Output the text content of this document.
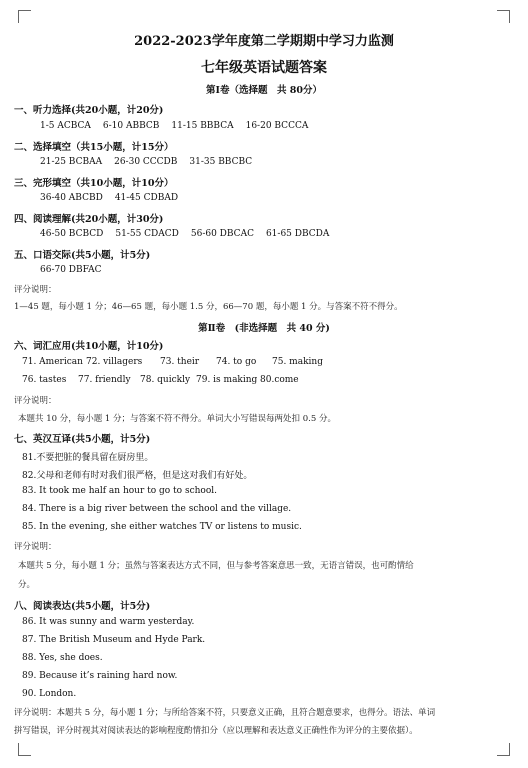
2022-2023学年度第二学期期中学习力监测
七年级英语试题答案
第Ⅰ卷（选择题　共 80分）
一、听力选择(共20小题，计20分)
1-5 ACBCA 6-10 ABBCB 11-15 BBBCA 16-20 BCCCA
二、选择填空（共15小题，计15分）
21-25 BCBAA 26-30 CCCDB 31-35 BBCBC
三、完形填空（共10小题，计10分）
36-40 ABCBD 41-45 CDBAD
四、阅读理解(共20小题，计30分)
46-50 BCBCD 51-55 CDACD 56-60 DBCAC 61-65 DBCDA
五、口语交际(共5小题，计5分)
66-70 DBFAC
评分说明：
1—45 题，每小题 1 分；46—65 题，每小题 1.5 分，66—70 题，每小题 1 分。与答案不符不得分。
第Ⅱ卷　(非选择题　共 40 分)
六、词汇应用(共10小题，计10分)
71. American 72. villagers 73. their 74. to go 75. making
76. tastes 77. friendly 78. quickly 79. is making 80.come
评分说明：
本题共 10 分，每小题 1 分；与答案不符不得分。单词大小写错误每两处扣 0.5 分。
七、英汉互译(共5小题，计5分)
81.不要把脏的餐具留在厨房里。
82.父母和老师有时对我们很严格，但是这对我们有好处。
83. It took me half an hour to go to school.
84. There is a big river between the school and the village.
85. In the evening, she either watches TV or listens to music.
评分说明：
本题共 5 分，每小题 1 分；虽然与答案表达方式不同，但与参考答案意思一致，无语言错误，也可酌情给
分。
八、阅读表达(共5小题，计5分)
86. It was sunny and warm yesterday.
87. The British Museum and Hyde Park.
88. Yes, she does.
89. Because it’s raining hard now.
90. London.
评分说明：本题共 5 分，每小题 1 分；与所给答案不符，只要意义正确，且符合题意要求，也得分。语法、单词
拼写错误，评分时视其对阅读表达的影响程度酌情扣分（应以理解和表达意义正确性作为评分的主要依据）。
